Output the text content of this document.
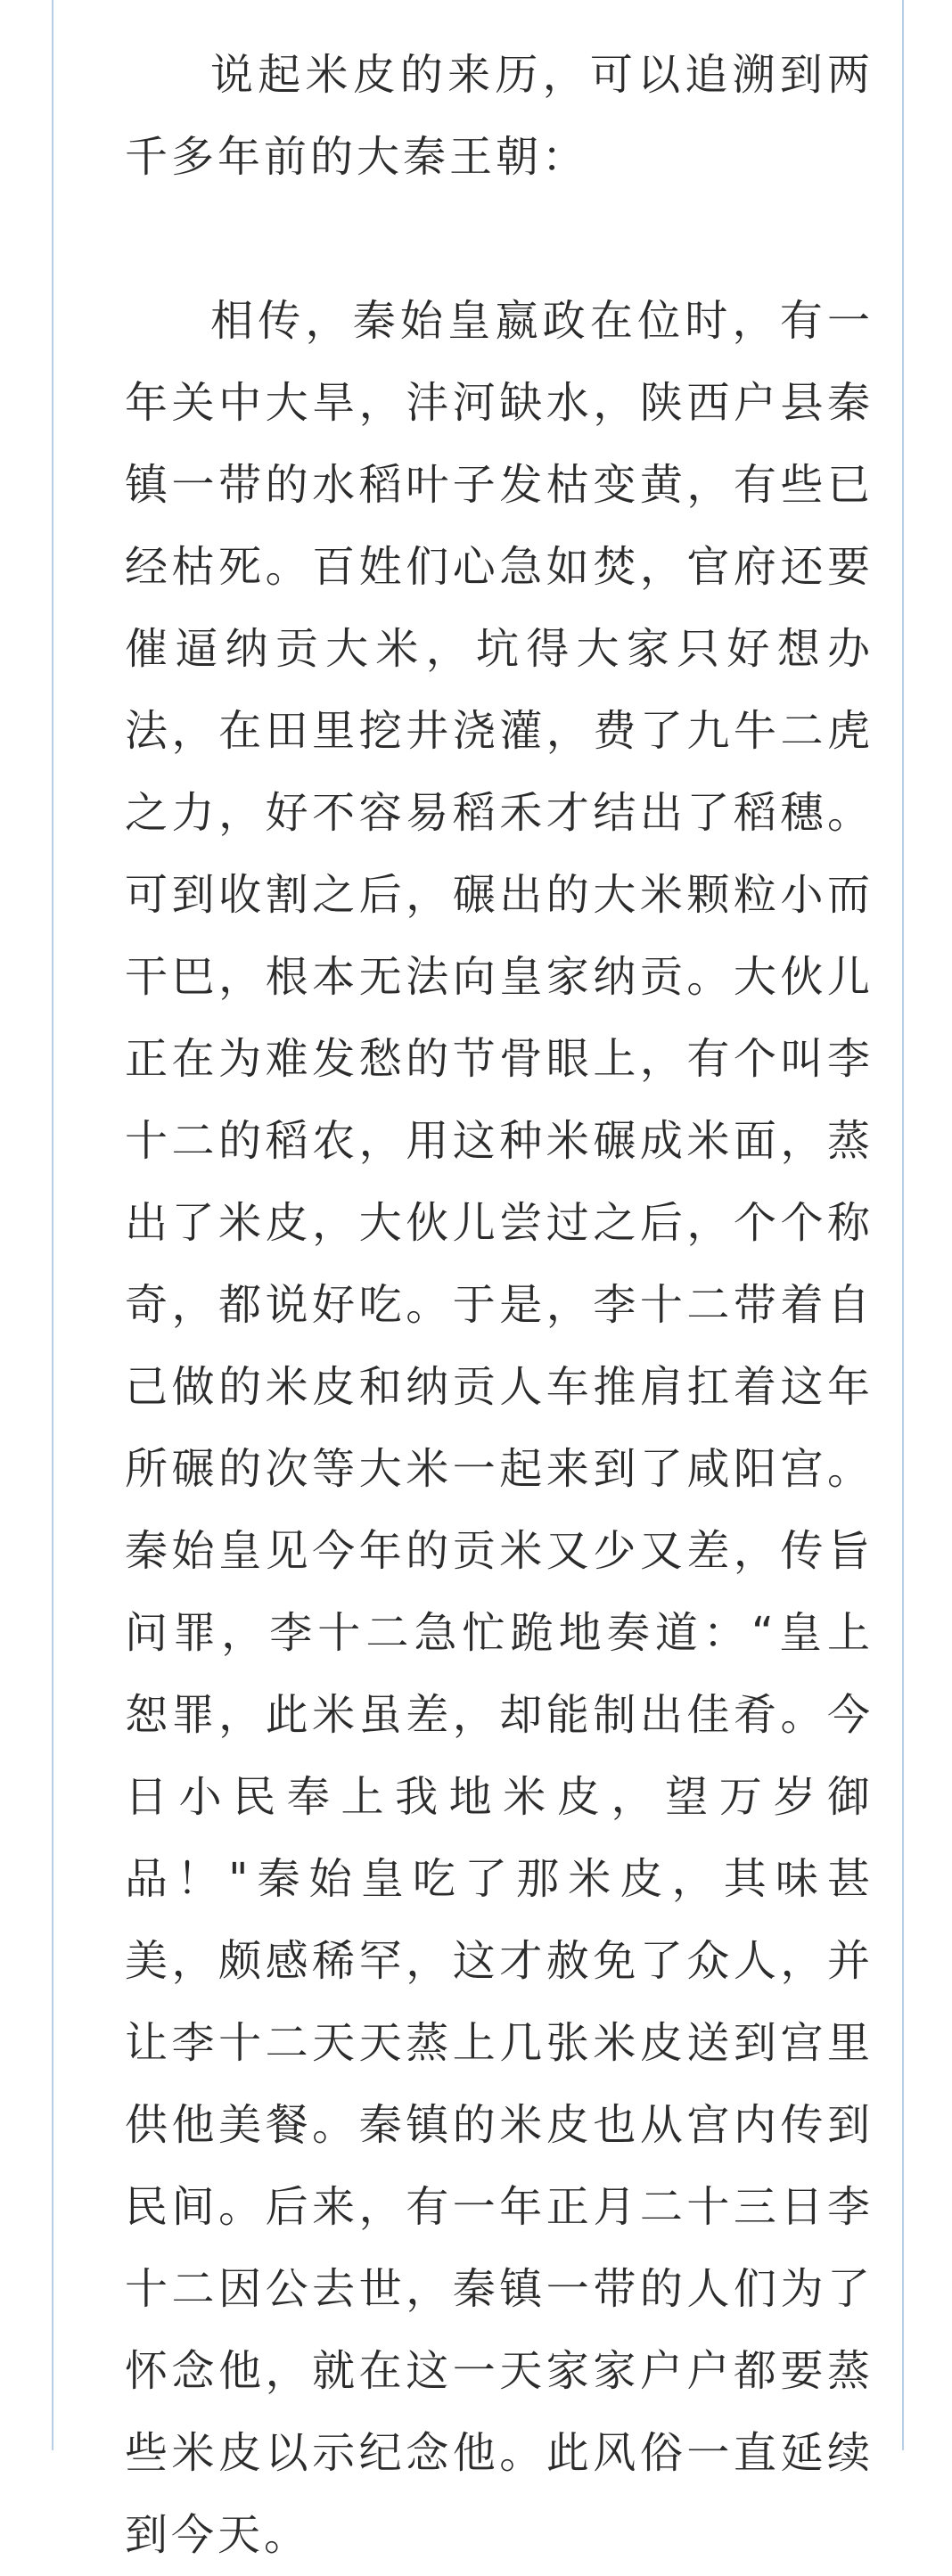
说起米皮的来历，可以追溯到两千多年前的大秦王朝：

相传，秦始皇嬴政在位时，有一年关中大旱，沣河缺水，陕西户县秦镇一带的水稻叶子发枯变黄，有些已经枯死。百姓们心急如焚，官府还要催逼纳贡大米，坑得大家只好想办法，在田里挖井浇灌，费了九牛二虎之力，好不容易稻禾才结出了稻穗。可到收割之后，碾出的大米颗粒小而干巴，根本无法向皇家纳贡。大伙儿正在为难发愁的节骨眼上，有个叫李十二的稻农，用这种米碾成米面，蒸出了米皮，大伙儿尝过之后，个个称奇，都说好吃。于是，李十二带着自己做的米皮和纳贡人车推肩扛着这年所碾的次等大米一起来到了咸阳宫。秦始皇见今年的贡米又少又差，传旨问罪，李十二急忙跪地奏道：“皇上恕罪，此米虽差，却能制出佳肴。今日小民奉上我地米皮，望万岁御品！"秦始皇吃了那米皮，其味甚美，颇感稀罕，这才赦免了众人，并让李十二天天蒸上几张米皮送到宫里供他美餐。秦镇的米皮也从宫内传到民间。后来，有一年正月二十三日李十二因公去世，秦镇一带的人们为了怀念他，就在这一天家家户户都要蒸些米皮以示纪念他。此风俗一直延续到今天。
